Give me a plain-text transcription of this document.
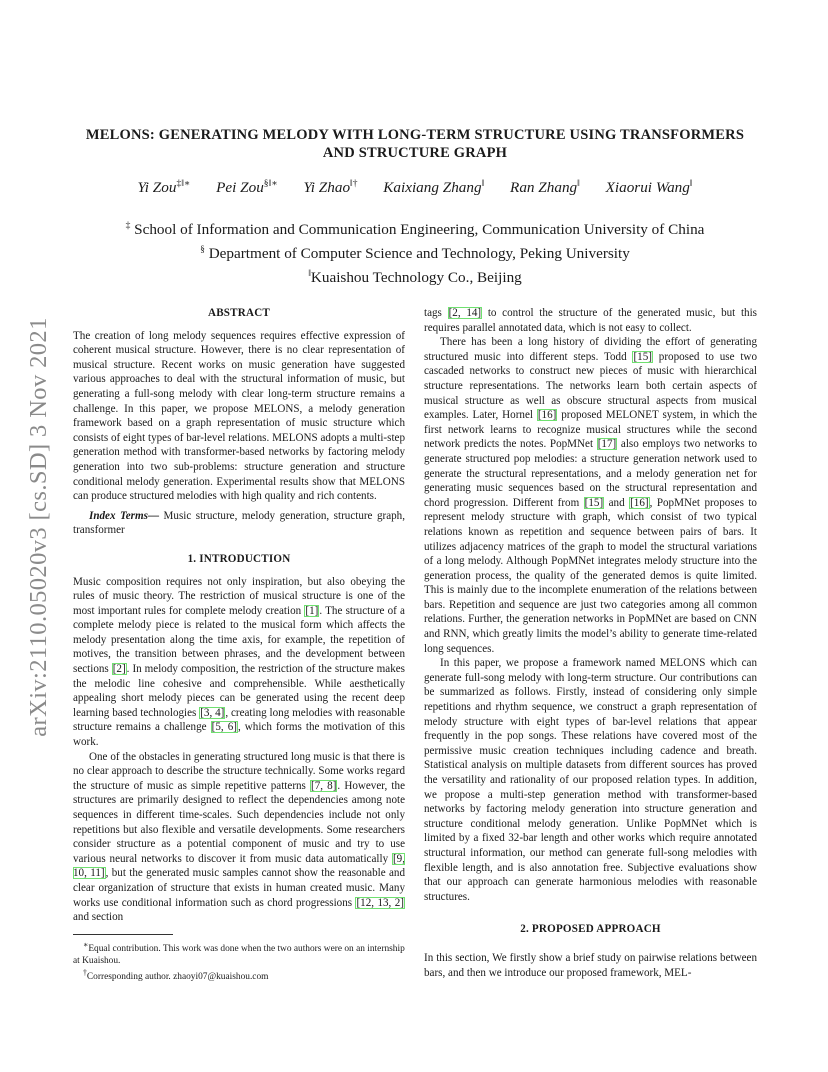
arXiv:2110.05020v3 [cs.SD] 3 Nov 2021
MELONS: GENERATING MELODY WITH LONG-TERM STRUCTURE USING TRANSFORMERS AND STRUCTURE GRAPH
Yi Zou‡‖∗ Pei Zou§‖∗ Yi Zhao‖† Kaixiang Zhang‖ Ran Zhang‖ Xiaorui Wang‖
‡ School of Information and Communication Engineering, Communication University of China
§ Department of Computer Science and Technology, Peking University
‖Kuaishou Technology Co., Beijing
ABSTRACT

The creation of long melody sequences requires effective expression of coherent musical structure. However, there is no clear representation of musical structure. Recent works on music generation have suggested various approaches to deal with the structural information of music, but generating a full-song melody with clear long-term structure remains a challenge. In this paper, we propose MELONS, a melody generation framework based on a graph representation of music structure which consists of eight types of bar-level relations. MELONS adopts a multi-step generation method with transformer-based networks by factoring melody generation into two sub-problems: structure generation and structure conditional melody generation. Experimental results show that MELONS can produce structured melodies with high quality and rich contents.

Index Terms— Music structure, melody generation, structure graph, transformer

1. INTRODUCTION

Music composition requires not only inspiration, but also obeying the rules of music theory. The restriction of musical structure is one of the most important rules for complete melody creation [1]. The structure of a complete melody piece is related to the musical form which affects the melody presentation along the time axis, for example, the repetition of motives, the transition between phrases, and the development between sections [2]. In melody composition, the restriction of the structure makes the melodic line cohesive and comprehensible. While aesthetically appealing short melody pieces can be generated using the recent deep learning based technologies [3, 4], creating long melodies with reasonable structure remains a challenge [5, 6], which forms the motivation of this work.

One of the obstacles in generating structured long music is that there is no clear approach to describe the structure technically. Some works regard the structure of music as simple repetitive patterns [7, 8]. However, the structures are primarily designed to reflect the dependencies among note sequences in different time-scales. Such dependencies include not only repetitions but also flexible and versatile developments. Some researchers consider structure as a potential component of music and try to use various neural networks to discover it from music data automatically [9, 10, 11], but the generated music samples cannot show the reasonable and clear organization of structure that exists in human created music. Many works use conditional information such as chord progressions [12, 13, 2] and section

tags [2, 14] to control the structure of the generated music, but this requires parallel annotated data, which is not easy to collect.

There has been a long history of dividing the effort of generating structured music into different steps. Todd [15] proposed to use two cascaded networks to construct new pieces of music with hierarchical structure representations. The networks learn both certain aspects of musical structure as well as obscure structural aspects from musical examples. Later, Hornel [16] proposed MELONET system, in which the first network learns to recognize musical structures while the second network predicts the notes. PopMNet [17] also employs two networks to generate structured pop melodies: a structure generation network used to generate the structural representations, and a melody generation net for generating music sequences based on the structural representation and chord progression. Different from [15] and [16], PopMNet proposes to represent melody structure with graph, which consist of two typical relations known as repetition and sequence between pairs of bars. It utilizes adjacency matrices of the graph to model the structural variations of a long melody. Although PopMNet integrates melody structure into the generation process, the quality of the generated demos is quite limited. This is mainly due to the incomplete enumeration of the relations between bars. Repetition and sequence are just two categories among all common relations. Further, the generation networks in PopMNet are based on CNN and RNN, which greatly limits the model’s ability to generate time-related long sequences.

In this paper, we propose a framework named MELONS which can generate full-song melody with long-term structure. Our contributions can be summarized as follows. Firstly, instead of considering only simple repetitions and rhythm sequence, we construct a graph representation of melody structure with eight types of bar-level relations that appear frequently in the pop songs. These relations have covered most of the permissive music creation techniques including cadence and breath. Statistical analysis on multiple datasets from different sources has proved the versatility and rationality of our proposed relation types. In addition, we propose a multi-step generation method with transformer-based networks by factoring melody generation into structure generation and structure conditional melody generation. Unlike PopMNet which is limited by a fixed 32-bar length and other works which require annotated structural information, our method can generate full-song melodies with flexible length, and is also annotation free. Subjective evaluations show that our approach can generate harmonious melodies with reasonable structures.

2. PROPOSED APPROACH

In this section, We firstly show a brief study on pairwise relations between bars, and then we introduce our proposed framework, MEL-

∗Equal contribution. This work was done when the two authors were on an internship at Kuaishou.

†Corresponding author. zhaoyi07@kuaishou.com
